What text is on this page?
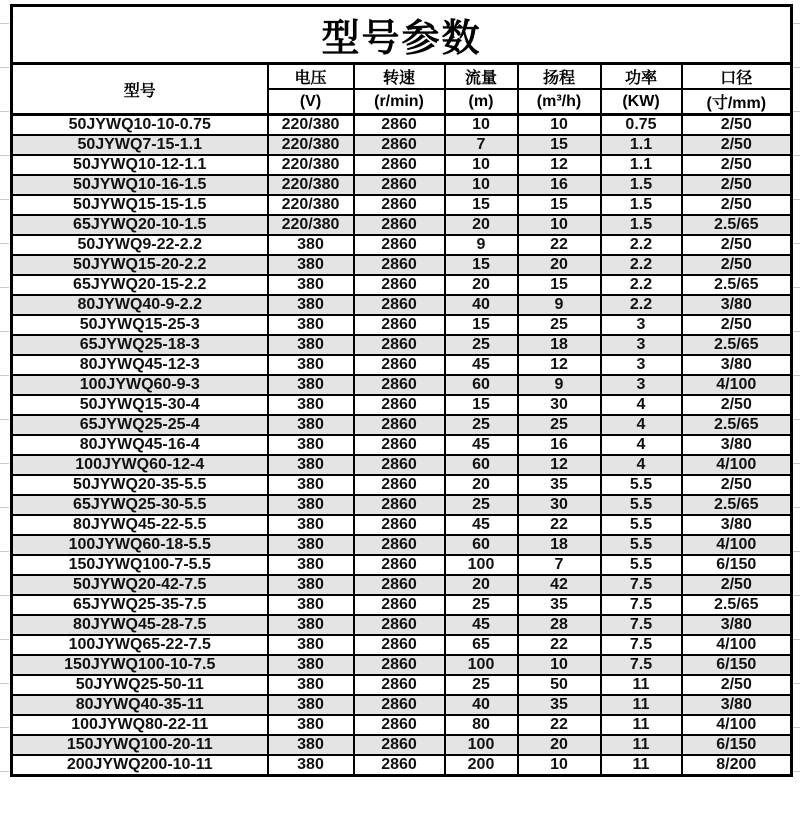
型号参数						
型号	电压	转速	流量	扬程	功率	口径
	(V)	(r/min)	(m)	(m³/h)	(KW)	(寸/mm)
50JYWQ10-10-0.75	220/380	2860	10	10	0.75	2/50
50JYWQ7-15-1.1	220/380	2860	7	15	1.1	2/50
50JYWQ10-12-1.1	220/380	2860	10	12	1.1	2/50
50JYWQ10-16-1.5	220/380	2860	10	16	1.5	2/50
50JYWQ15-15-1.5	220/380	2860	15	15	1.5	2/50
65JYWQ20-10-1.5	220/380	2860	20	10	1.5	2.5/65
50JYWQ9-22-2.2	380	2860	9	22	2.2	2/50
50JYWQ15-20-2.2	380	2860	15	20	2.2	2/50
65JYWQ20-15-2.2	380	2860	20	15	2.2	2.5/65
80JYWQ40-9-2.2	380	2860	40	9	2.2	3/80
50JYWQ15-25-3	380	2860	15	25	3	2/50
65JYWQ25-18-3	380	2860	25	18	3	2.5/65
80JYWQ45-12-3	380	2860	45	12	3	3/80
100JYWQ60-9-3	380	2860	60	9	3	4/100
50JYWQ15-30-4	380	2860	15	30	4	2/50
65JYWQ25-25-4	380	2860	25	25	4	2.5/65
80JYWQ45-16-4	380	2860	45	16	4	3/80
100JYWQ60-12-4	380	2860	60	12	4	4/100
50JYWQ20-35-5.5	380	2860	20	35	5.5	2/50
65JYWQ25-30-5.5	380	2860	25	30	5.5	2.5/65
80JYWQ45-22-5.5	380	2860	45	22	5.5	3/80
100JYWQ60-18-5.5	380	2860	60	18	5.5	4/100
150JYWQ100-7-5.5	380	2860	100	7	5.5	6/150
50JYWQ20-42-7.5	380	2860	20	42	7.5	2/50
65JYWQ25-35-7.5	380	2860	25	35	7.5	2.5/65
80JYWQ45-28-7.5	380	2860	45	28	7.5	3/80
100JYWQ65-22-7.5	380	2860	65	22	7.5	4/100
150JYWQ100-10-7.5	380	2860	100	10	7.5	6/150
50JYWQ25-50-11	380	2860	25	50	11	2/50
80JYWQ40-35-11	380	2860	40	35	11	3/80
100JYWQ80-22-11	380	2860	80	22	11	4/100
150JYWQ100-20-11	380	2860	100	20	11	6/150
200JYWQ200-10-11	380	2860	200	10	11	8/200
